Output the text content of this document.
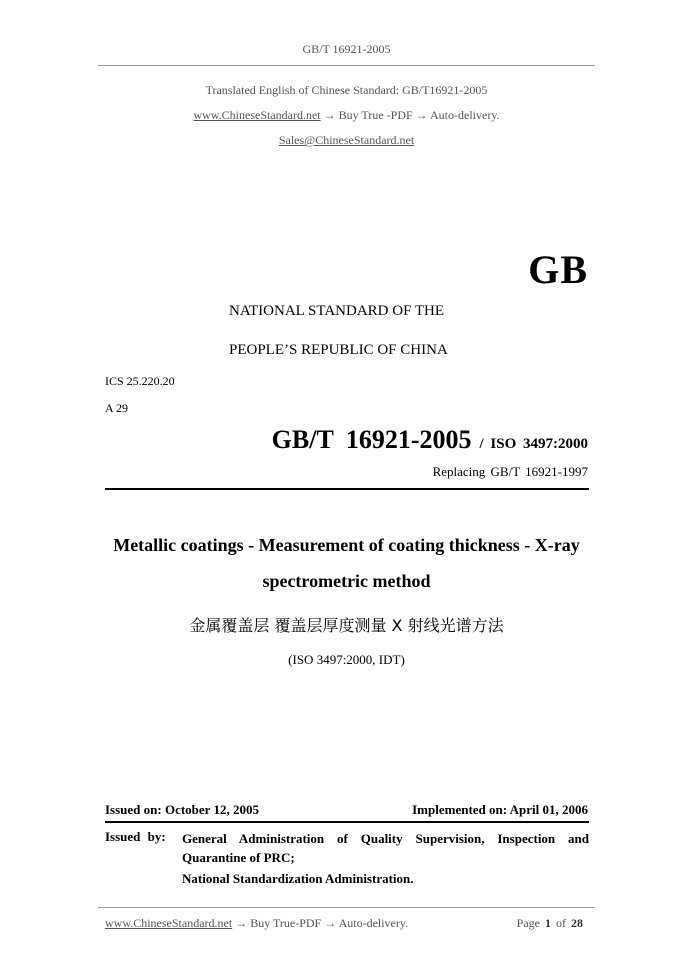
GB/T 16921-2005
Translated English of Chinese Standard: GB/T16921-2005
www.ChineseStandard.net → Buy True -PDF → Auto-delivery.
Sales@ChineseStandard.net
GB
NATIONAL STANDARD OF THE
PEOPLE’S REPUBLIC OF CHINA
ICS 25.220.20
A 29
GB/T 16921-2005 / ISO 3497:2000
Replacing GB/T 16921-1997
Metallic coatings - Measurement of coating thickness - X-ray
spectrometric method
金属覆盖层 覆盖层厚度测量 X 射线光谱方法
(ISO 3497:2000, IDT)
Issued on: October 12, 2005	Implemented on: April 01, 2006
Issued by: General Administration of Quality Supervision, Inspection and Quarantine of PRC;
National Standardization Administration.
www.ChineseStandard.net → Buy True-PDF → Auto-delivery.	Page 1 of 28
